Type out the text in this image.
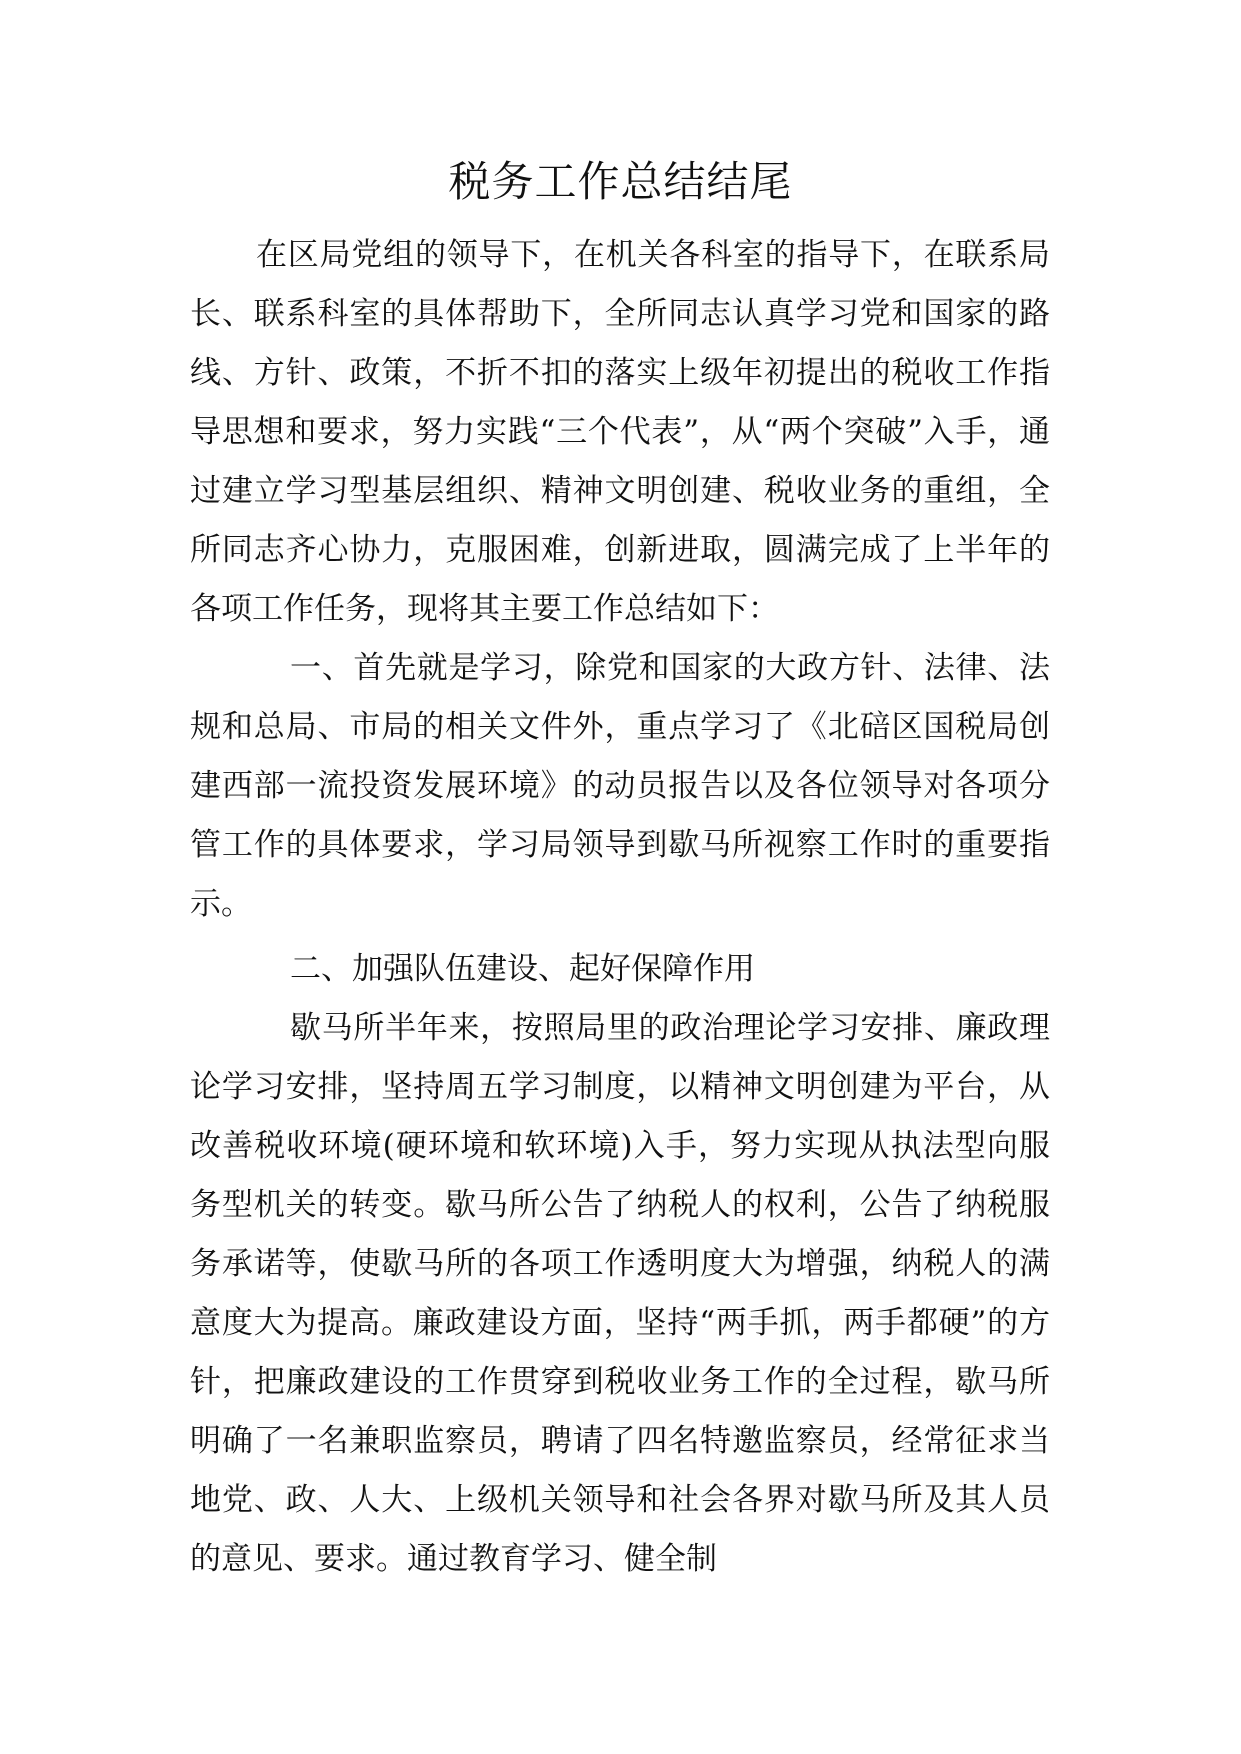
税务工作总结结尾

在区局党组的领导下，在机关各科室的指导下，在联系局长、联系科室的具体帮助下，全所同志认真学习党和国家的路线、方针、政策，不折不扣的落实上级年初提出的税收工作指导思想和要求，努力实践“三个代表”，从“两个突破”入手，通过建立学习型基层组织、精神文明创建、税收业务的重组，全所同志齐心协力，克服困难，创新进取，圆满完成了上半年的各项工作任务，现将其主要工作总结如下：

一、首先就是学习，除党和国家的大政方针、法律、法规和总局、市局的相关文件外，重点学习了《北碚区国税局创建西部一流投资发展环境》的动员报告以及各位领导对各项分管工作的具体要求，学习局领导到歇马所视察工作时的重要指示。

二、加强队伍建设、起好保障作用

歇马所半年来，按照局里的政治理论学习安排、廉政理论学习安排，坚持周五学习制度，以精神文明创建为平台，从改善税收环境(硬环境和软环境)入手，努力实现从执法型向服务型机关的转变。歇马所公告了纳税人的权利，公告了纳税服务承诺等，使歇马所的各项工作透明度大为增强，纳税人的满意度大为提高。廉政建设方面，坚持“两手抓，两手都硬”的方针，把廉政建设的工作贯穿到税收业务工作的全过程，歇马所明确了一名兼职监察员，聘请了四名特邀监察员，经常征求当地党、政、人大、上级机关领导和社会各界对歇马所及其人员的意见、要求。通过教育学习、健全制
